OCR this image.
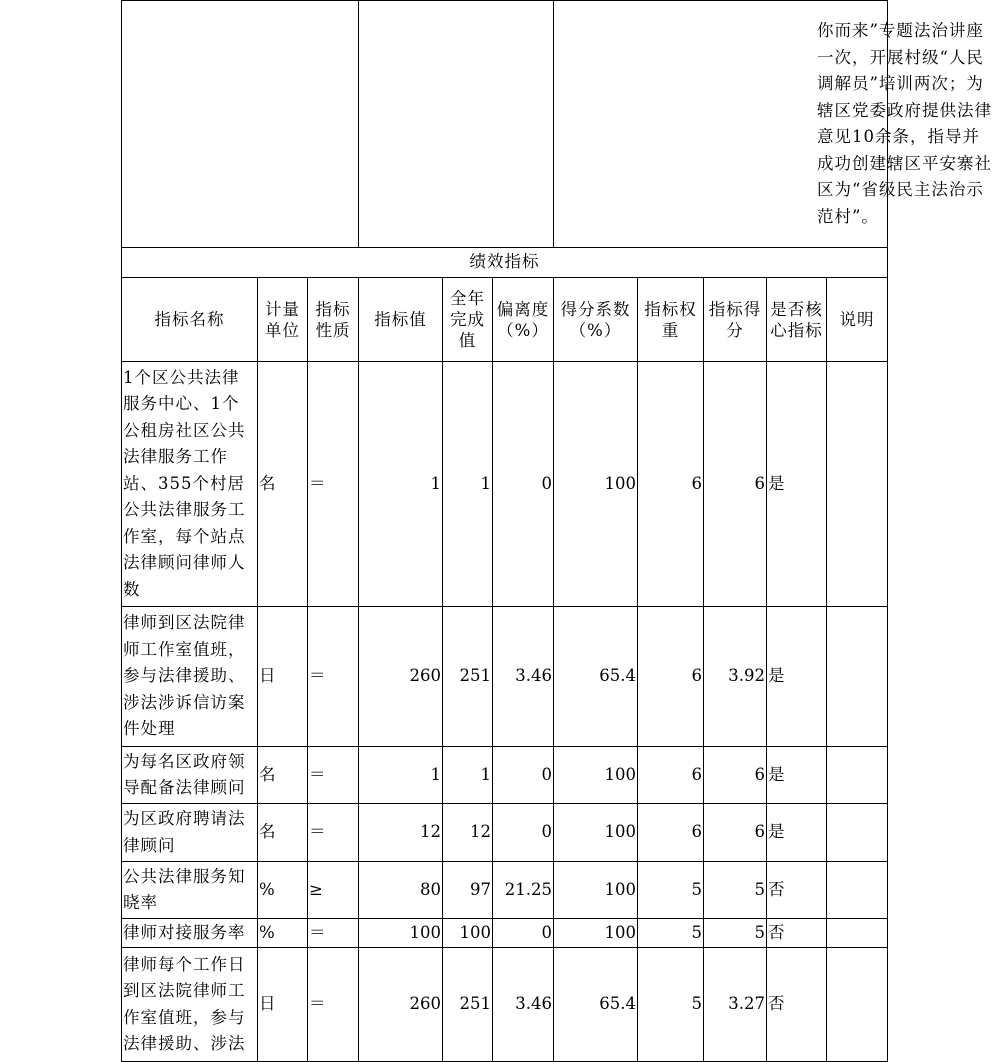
						你而来”专题法治讲座一次，开展村级“人民调解员”培训两次；为辖区党委政府提供法律意见10余条，指导并成功创建辖区平安寨社区为“省级民主法治示范村”。				

绩效指标										
指标名称	计量单位	指标性质	指标值	全年完成值	偏离度（%）	得分系数（%）	指标权重	指标得分	是否核心指标	说明
1个区公共法律服务中心、1个公租房社区公共法律服务工作站、355个村居公共法律服务工作室，每个站点法律顾问律师人数	名	＝	1	1	0	100	6	6	是	
律师到区法院律师工作室值班，参与法律援助、涉法涉诉信访案件处理	日	＝	260	251	3.46	65.4	6	3.92	是	
为每名区政府领导配备法律顾问	名	＝	1	1	0	100	6	6	是	
为区政府聘请法律顾问	名	＝	12	12	0	100	6	6	是	
公共法律服务知晓率	%	≥	80	97	21.25	100	5	5	否	
律师对接服务率	%	＝	100	100	0	100	5	5	否	
律师每个工作日到区法院律师工作室值班，参与法律援助、涉法	日	＝	260	251	3.46	65.4	5	3.27	否	
